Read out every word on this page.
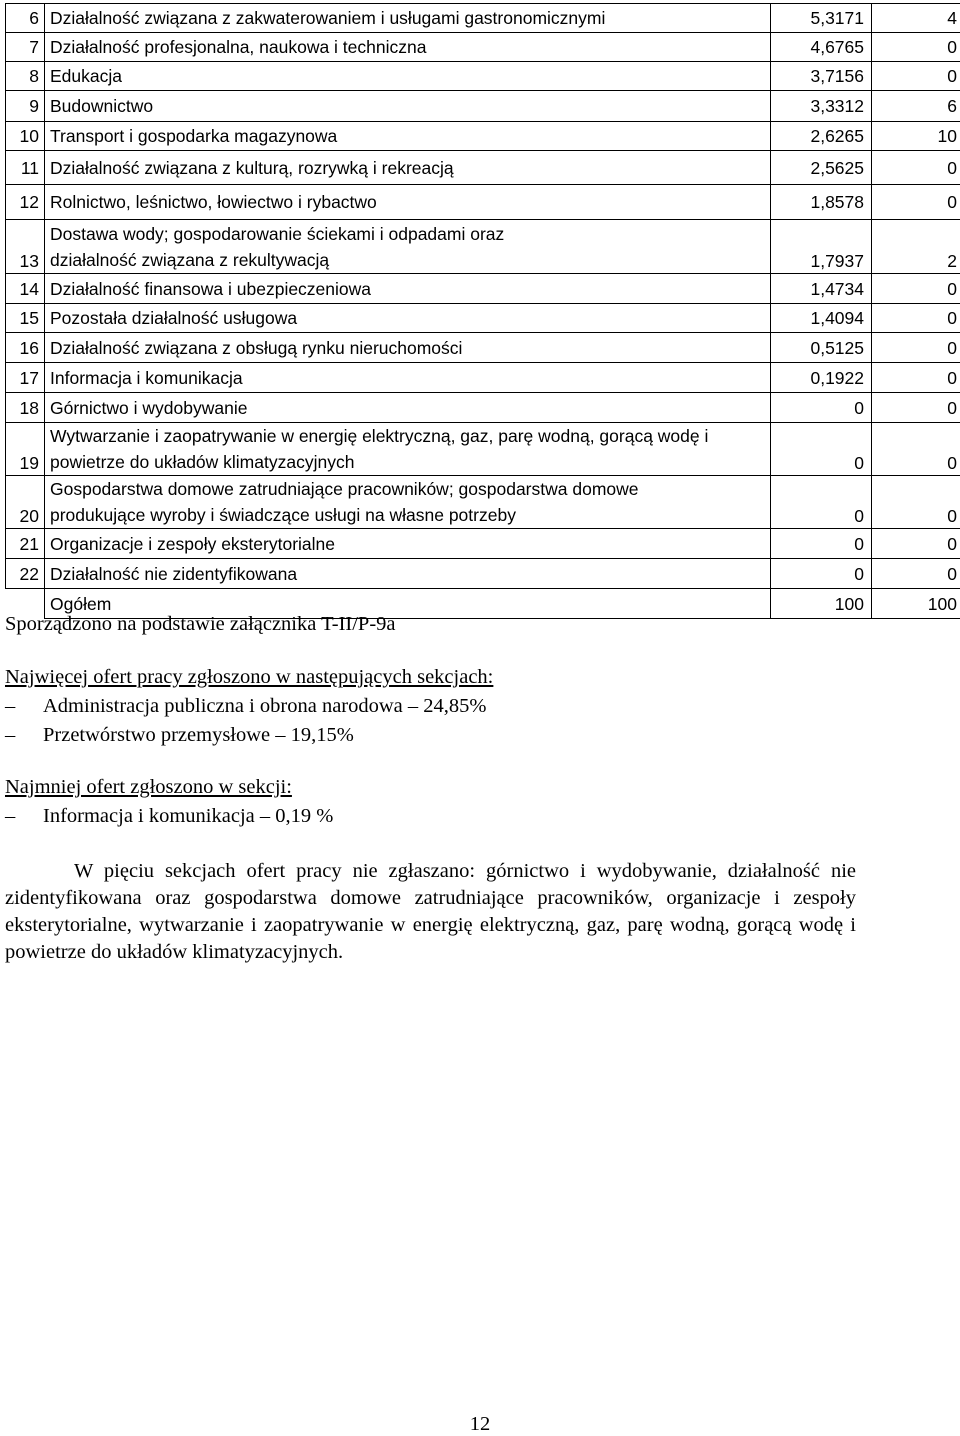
6	Działalność związana z zakwaterowaniem i usługami gastronomicznymi	5,3171	4
7	Działalność profesjonalna, naukowa i techniczna	4,6765	0
8	Edukacja	3,7156	0
9	Budownictwo	3,3312	6
10	Transport i gospodarka magazynowa	2,6265	10
11	Działalność związana z kulturą, rozrywką i rekreacją	2,5625	0
12	Rolnictwo, leśnictwo, łowiectwo i rybactwo	1,8578	0
13	Dostawa wody; gospodarowanie ściekami i odpadami oraz działalność związana z rekultywacją	1,7937	2
14	Działalność finansowa i ubezpieczeniowa	1,4734	0
15	Pozostała działalność usługowa	1,4094	0
16	Działalność związana z obsługą rynku nieruchomości	0,5125	0
17	Informacja i komunikacja	0,1922	0
18	Górnictwo i wydobywanie	0	0
19	Wytwarzanie i zaopatrywanie w energię elektryczną, gaz, parę wodną, gorącą wodę i powietrze do układów klimatyzacyjnych	0	0
20	Gospodarstwa domowe zatrudniające pracowników; gospodarstwa domowe produkujące wyroby i świadczące usługi na własne potrzeby	0	0
21	Organizacje i zespoły eksterytorialne	0	0
22	Działalność nie zidentyfikowana	0	0
	Ogółem	100	100
Sporządzono na podstawie załącznika T-II/P-9a
Najwięcej ofert pracy zgłoszono w następujących sekcjach:
– Administracja publiczna i obrona narodowa – 24,85%
– Przetwórstwo przemysłowe – 19,15%
Najmniej ofert zgłoszono w sekcji:
– Informacja i komunikacja – 0,19 %
W pięciu sekcjach ofert pracy nie zgłaszano: górnictwo i wydobywanie, działalność nie zidentyfikowana oraz gospodarstwa domowe zatrudniające pracowników, organizacje i zespoły eksterytorialne, wytwarzanie i zaopatrywanie w energię elektryczną, gaz, parę wodną, gorącą wodę i powietrze do układów klimatyzacyjnych.
12
